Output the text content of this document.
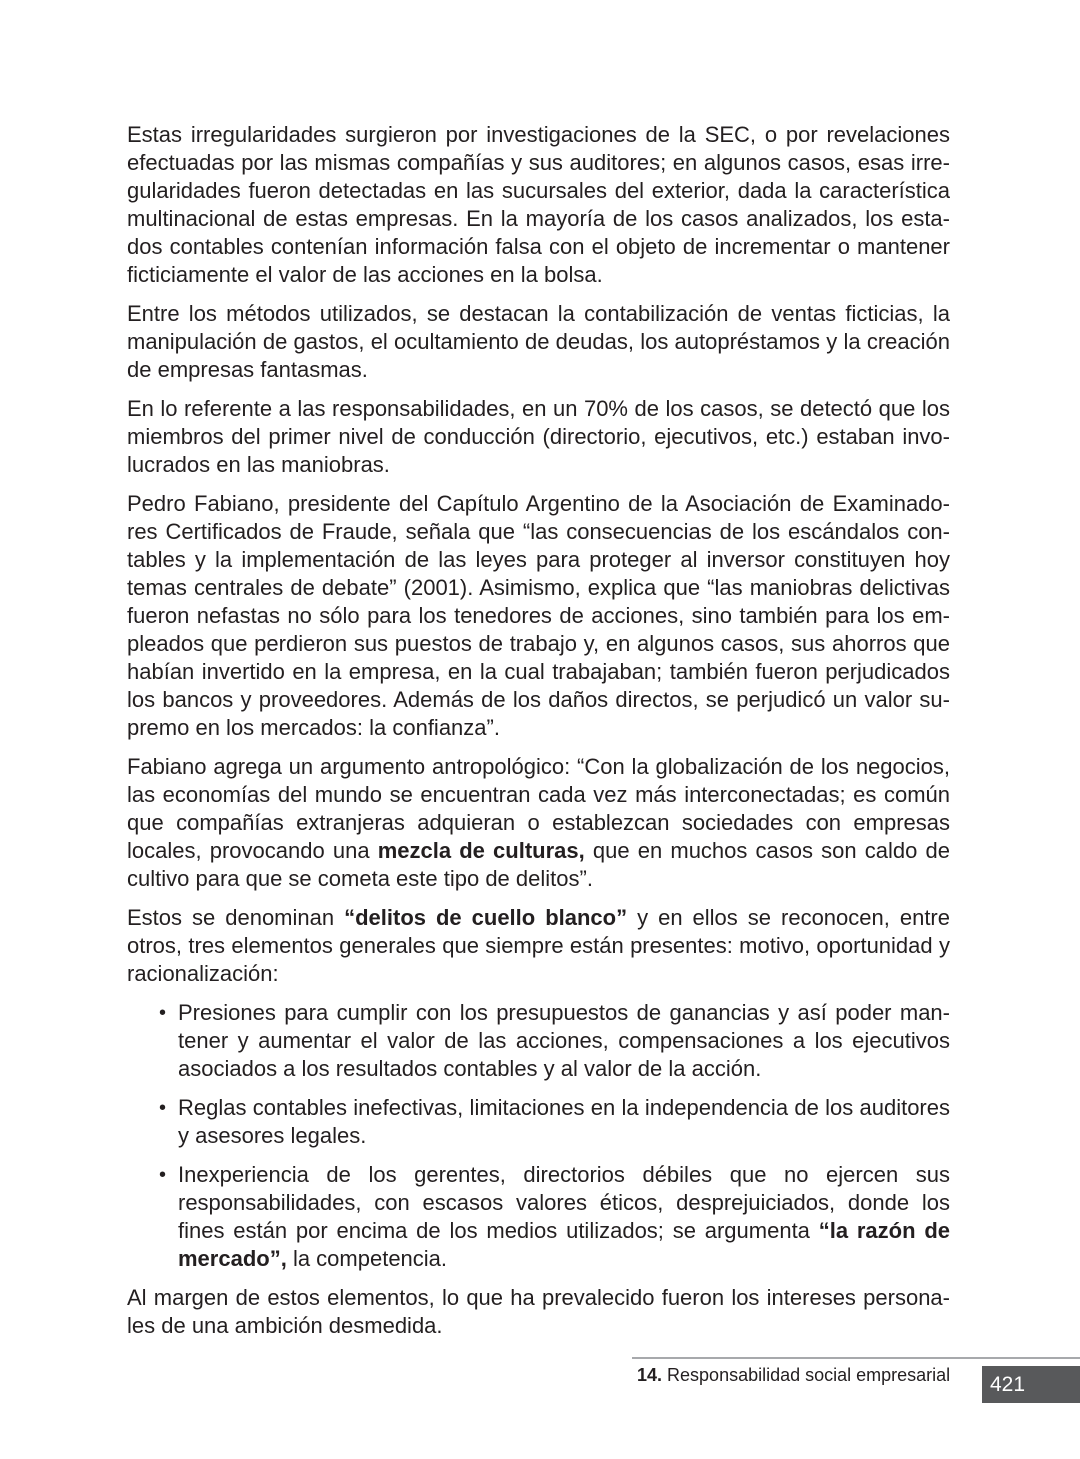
Estas irregularidades surgieron por investigaciones de la SEC, o por revelaciones efectuadas por las mismas compañías y sus auditores; en algunos casos, esas irregularidades fueron detectadas en las sucursales del exterior, dada la característica multinacional de estas empresas. En la mayoría de los casos analizados, los estados contables contenían información falsa con el objeto de incrementar o mantener ficticiamente el valor de las acciones en la bolsa.

Entre los métodos utilizados, se destacan la contabilización de ventas ficticias, la manipulación de gastos, el ocultamiento de deudas, los autopréstamos y la creación de empresas fantasmas.

En lo referente a las responsabilidades, en un 70% de los casos, se detectó que los miembros del primer nivel de conducción (directorio, ejecutivos, etc.) estaban involucrados en las maniobras.

Pedro Fabiano, presidente del Capítulo Argentino de la Asociación de Examinadores Certificados de Fraude, señala que “las consecuencias de los escándalos contables y la implementación de las leyes para proteger al inversor constituyen hoy temas centrales de debate” (2001). Asimismo, explica que “las maniobras delictivas fueron nefastas no sólo para los tenedores de acciones, sino también para los empleados que perdieron sus puestos de trabajo y, en algunos casos, sus ahorros que habían invertido en la empresa, en la cual trabajaban; también fueron perjudicados los bancos y proveedores. Además de los daños directos, se perjudicó un valor supremo en los mercados: la confianza”.

Fabiano agrega un argumento antropológico: “Con la globalización de los negocios, las economías del mundo se encuentran cada vez más interconectadas; es común que compañías extranjeras adquieran o establezcan sociedades con empresas locales, provocando una mezcla de culturas, que en muchos casos son caldo de cultivo para que se cometa este tipo de delitos”.

Estos se denominan “delitos de cuello blanco” y en ellos se reconocen, entre otros, tres elementos generales que siempre están presentes: motivo, oportunidad y racionalización:

• Presiones para cumplir con los presupuestos de ganancias y así poder mantener y aumentar el valor de las acciones, compensaciones a los ejecutivos asociados a los resultados contables y al valor de la acción.
• Reglas contables inefectivas, limitaciones en la independencia de los auditores y asesores legales.
• Inexperiencia de los gerentes, directorios débiles que no ejercen sus responsabilidades, con escasos valores éticos, desprejuiciados, donde los fines están por encima de los medios utilizados; se argumenta “la razón de mercado”, la competencia.

Al margen de estos elementos, lo que ha prevalecido fueron los intereses personales de una ambición desmedida.

14. Responsabilidad social empresarial 421
